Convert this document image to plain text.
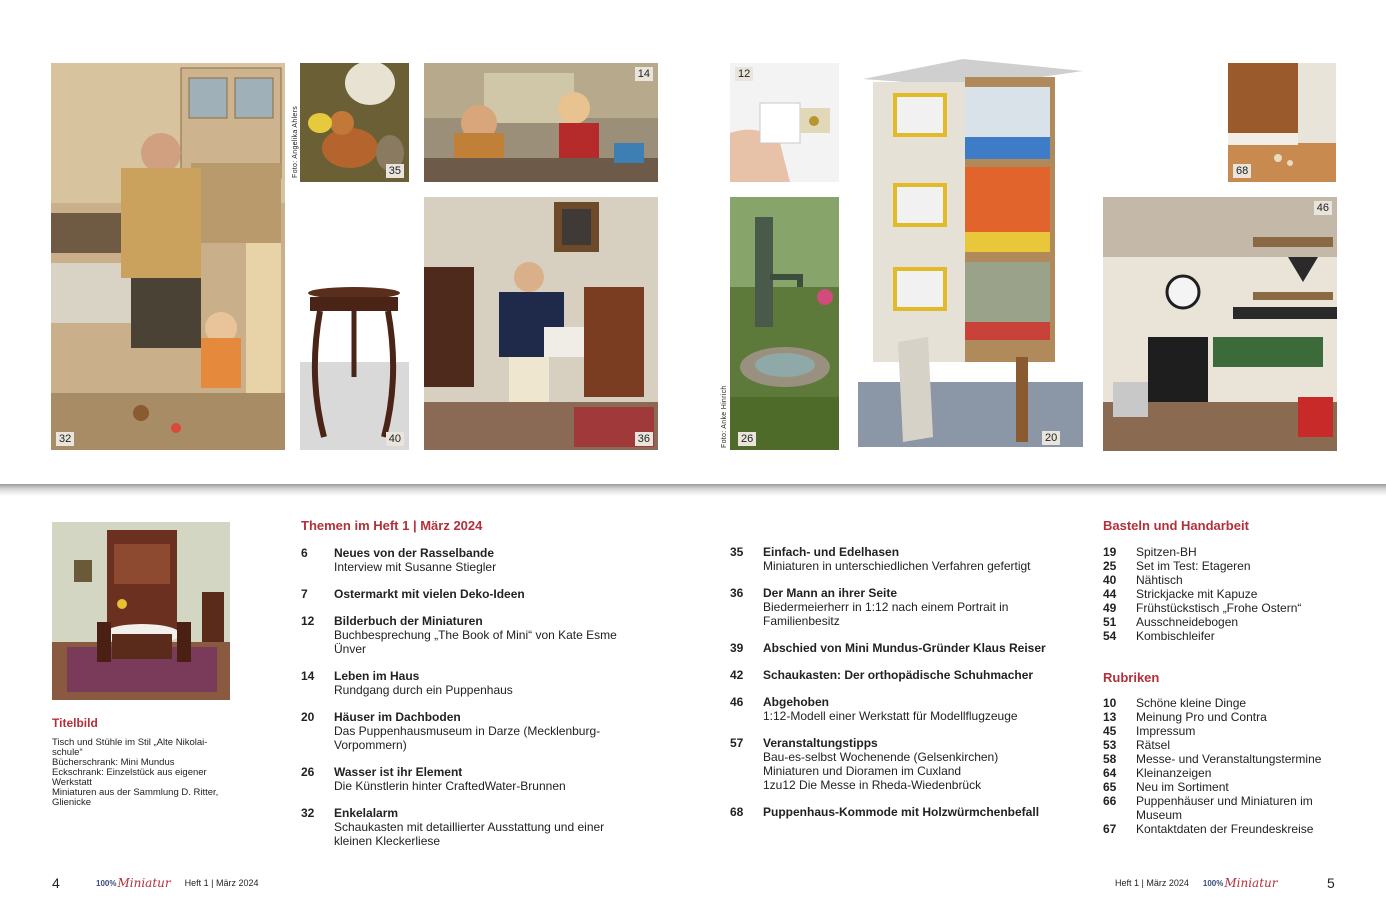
32
35
Foto: Angelika Ahlers
14
40	36
12
26
Foto: Anke Hinrich	20
68
46
Titelbild
Tisch und Stühle im Stil „Alte Nikolai-
schule“
Bücherschrank: Mini Mundus
Eckschrank: Einzelstück aus eigener
Werkstatt
Miniaturen aus der Sammlung D. Ritter,
Glienicke
Themen im Heft 1 | März 2024
6	Neues von der Rasselbande
Interview mit Susanne Stiegler
7	Ostermarkt mit vielen Deko-Ideen
12	Bilderbuch der Miniaturen
Buchbesprechung „The Book of Mini“ von Kate Esme Ünver
14	Leben im Haus
Rundgang durch ein Puppenhaus
20	Häuser im Dachboden
Das Puppenhausmuseum in Darze (Mecklenburg-Vorpommern)
26	Wasser ist ihr Element
Die Künstlerin hinter CraftedWater-Brunnen
32	Enkelalarm
Schaukasten mit detaillierter Ausstattung und einer kleinen Kleckerliese
35	Einfach- und Edelhasen
Miniaturen in unterschiedlichen Verfahren gefertigt
36	Der Mann an ihrer Seite
Biedermeierherr in 1:12 nach einem Portrait in Familienbesitz
39	Abschied von Mini Mundus-Gründer Klaus Reiser
42	Schaukasten: Der orthopädische Schuhmacher
46	Abgehoben
1:12-Modell einer Werkstatt für Modellflugzeuge
57	Veranstaltungstipps
Bau-es-selbst Wochenende (Gelsenkirchen)
Miniaturen und Dioramen im Cuxland
1zu12 Die Messe in Rheda-Wiedenbrück
68	Puppenhaus-Kommode mit Holzwürmchenbefall
Basteln und Handarbeit
19	Spitzen-BH
25	Set im Test: Etageren
40	Nähtisch
44	Strickjacke mit Kapuze
49	Frühstückstisch „Frohe Ostern“
51	Ausschneidebogen
54	Kombischleifer
Rubriken
10	Schöne kleine Dinge
13	Meinung Pro und Contra
45	Impressum
53	Rätsel
58	Messe- und Veranstaltungstermine
64	Kleinanzeigen
65	Neu im Sortiment
66	Puppenhäuser und Miniaturen im Museum
67	Kontaktdaten der Freundeskreise
4	100% Miniatur Heft 1 | März 2024	Heft 1 | März 2024 100% Miniatur	5
